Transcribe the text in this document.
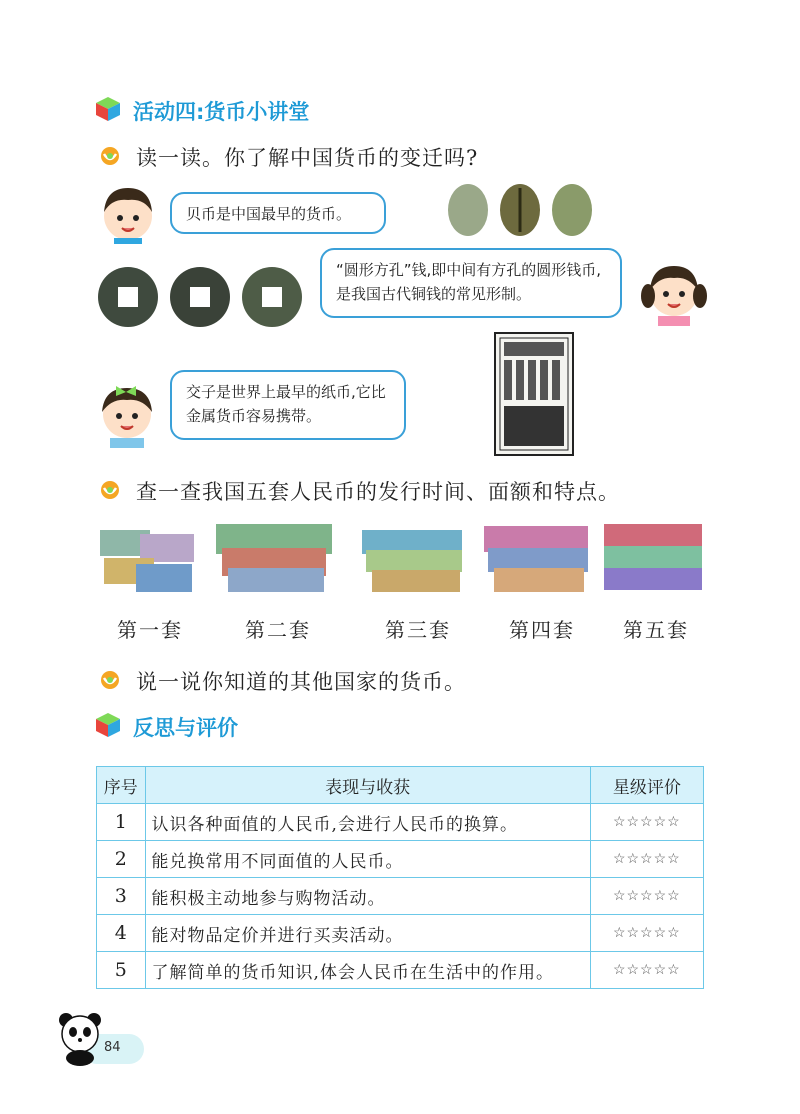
活动四:货币小讲堂
读一读。你了解中国货币的变迁吗?
贝币是中国最早的货币。
“圆形方孔”钱,即中间有方孔的圆形钱币,是我国古代铜钱的常见形制。
交子是世界上最早的纸币,它比金属货币容易携带。
查一查我国五套人民币的发行时间、面额和特点。
第一套	第二套	第三套	第四套	第五套
说一说你知道的其他国家的货币。
反思与评价
序号	表现与收获	星级评价
1	认识各种面值的人民币,会进行人民币的换算。	☆☆☆☆☆
2	能兑换常用不同面值的人民币。	☆☆☆☆☆
3	能积极主动地参与购物活动。	☆☆☆☆☆
4	能对物品定价并进行买卖活动。	☆☆☆☆☆
5	了解简单的货币知识,体会人民币在生活中的作用。	☆☆☆☆☆
84
